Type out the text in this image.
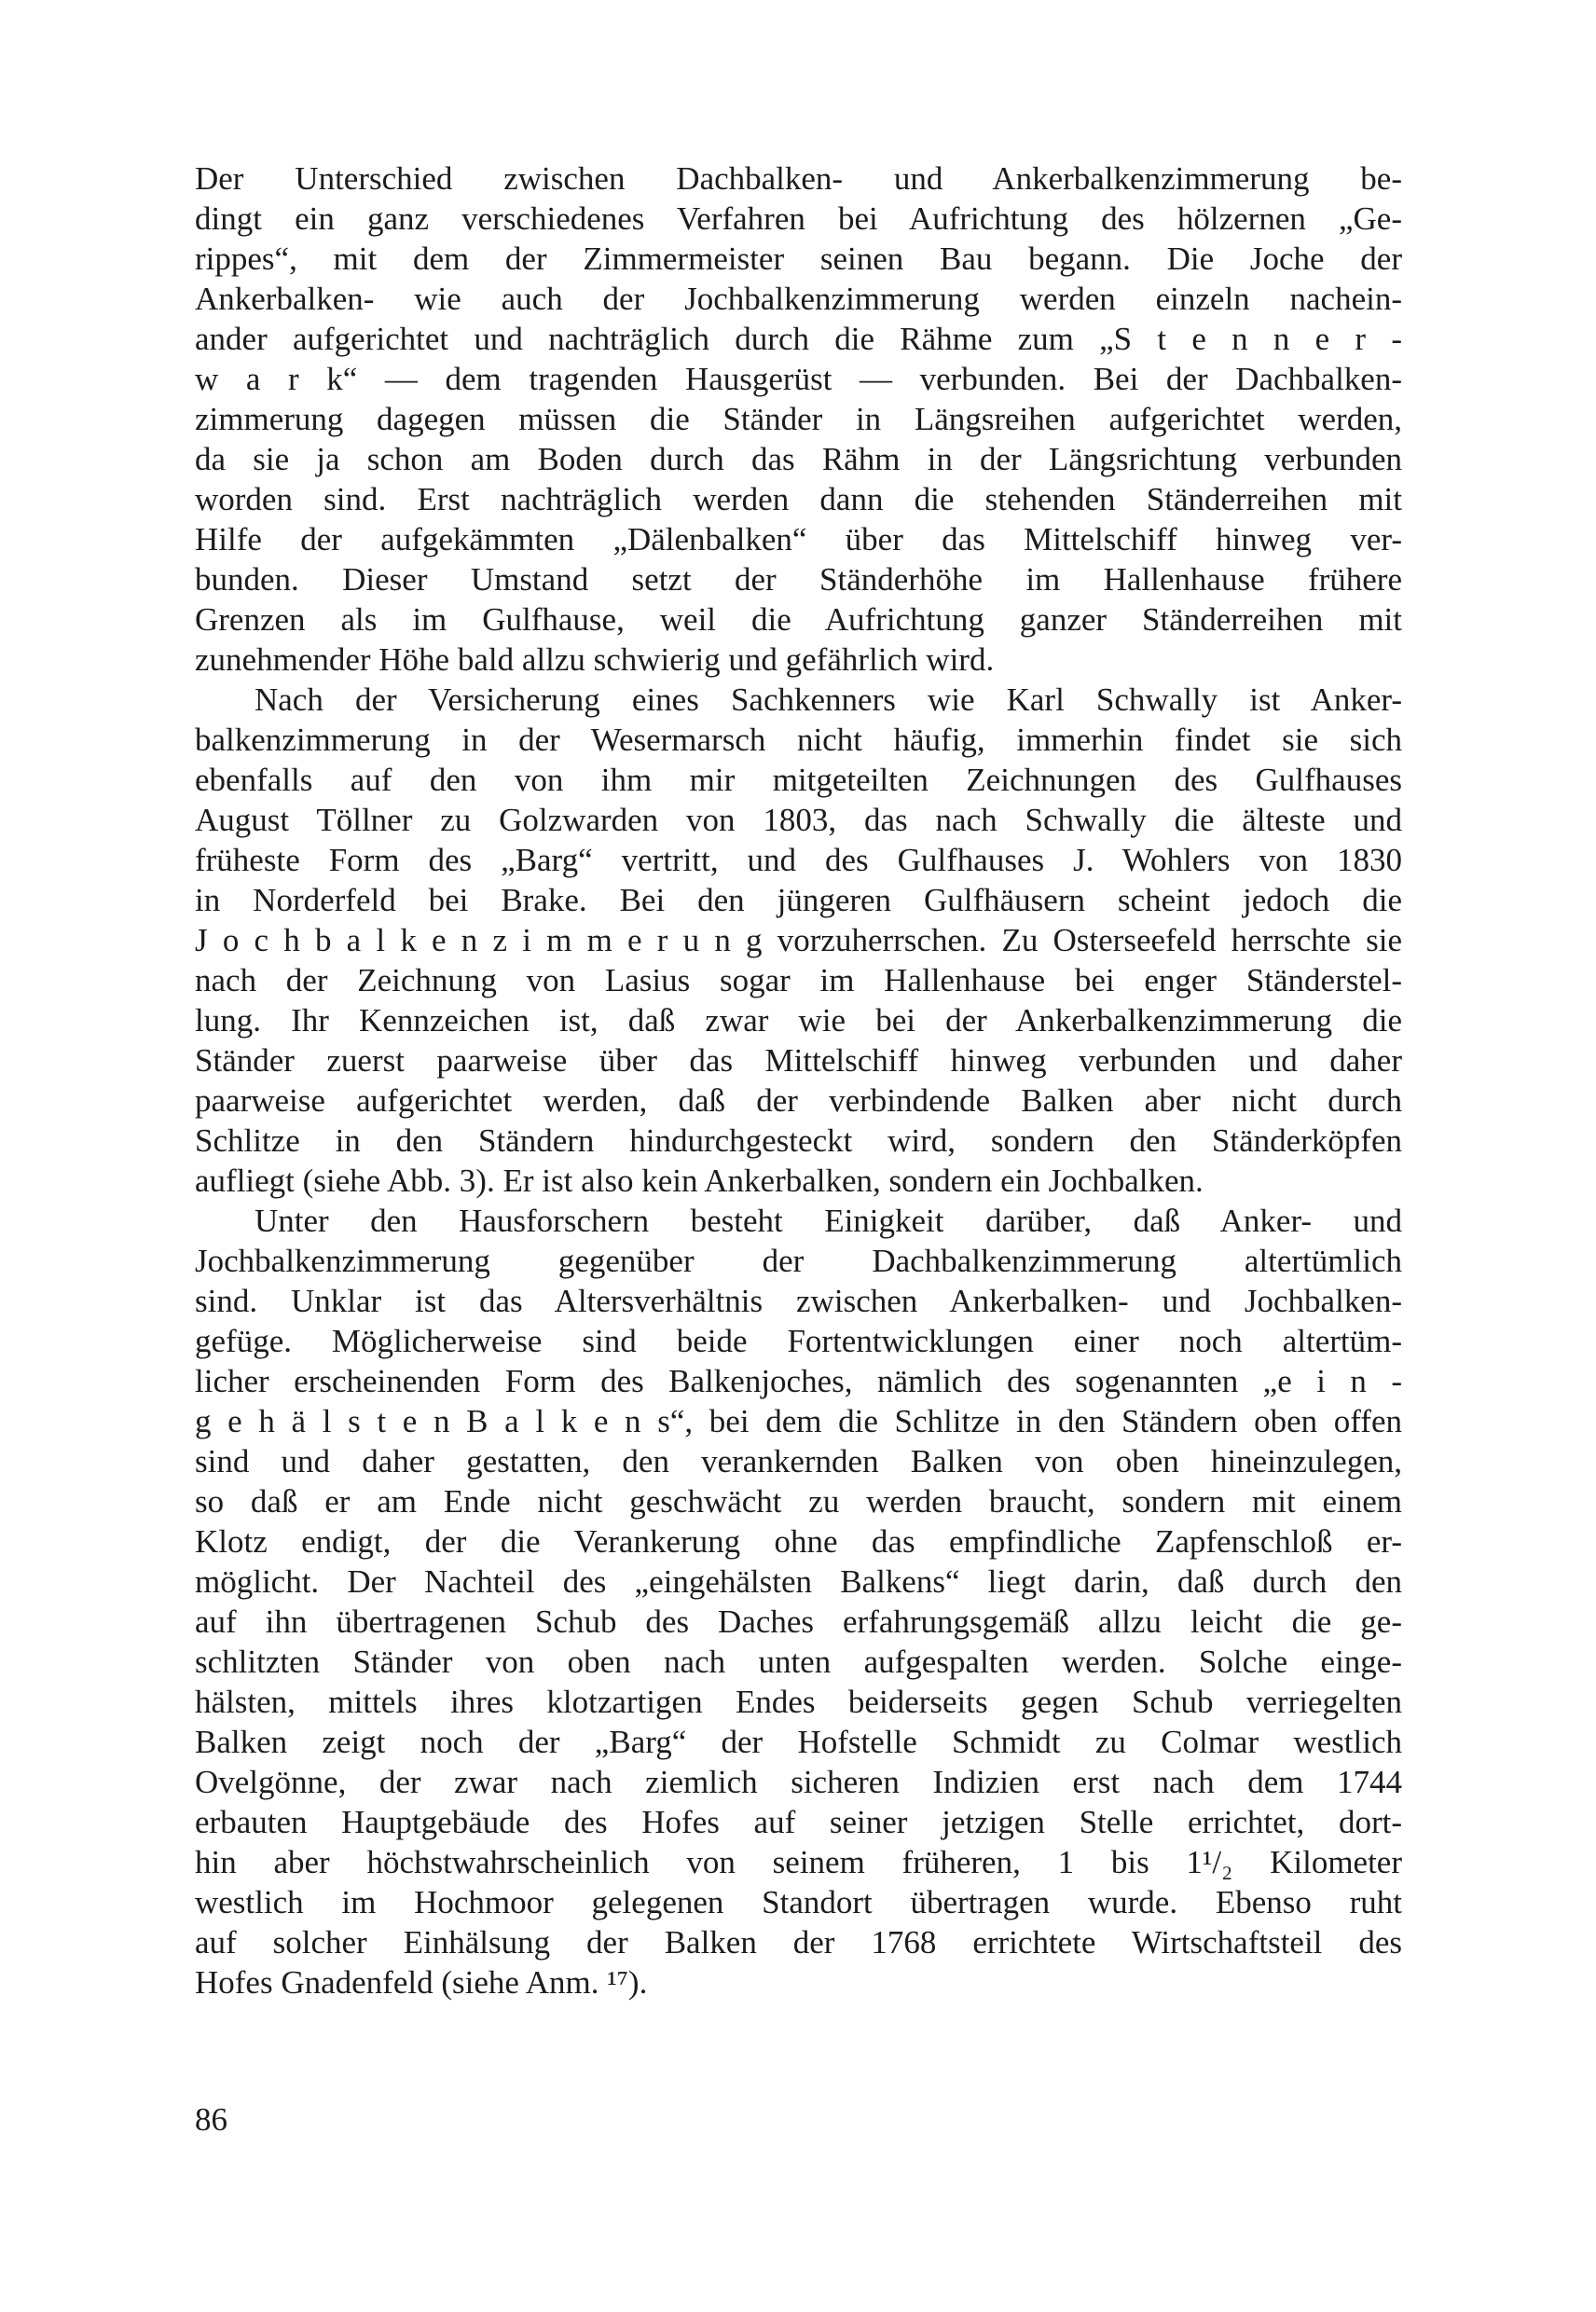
Der Unterschied zwischen Dachbalken- und Ankerbalkenzimmerung be-
dingt ein ganz verschiedenes Verfahren bei Aufrichtung des hölzernen „Ge-
rippes“, mit dem der Zimmermeister seinen Bau begann. Die Joche der
Ankerbalken- wie auch der Jochbalkenzimmerung werden einzeln nachein-
ander aufgerichtet und nachträglich durch die Rähme zum „S t e n n e r -
w a r k“ — dem tragenden Hausgerüst — verbunden. Bei der Dachbalken-
zimmerung dagegen müssen die Ständer in Längsreihen aufgerichtet werden,
da sie ja schon am Boden durch das Rähm in der Längsrichtung verbunden
worden sind. Erst nachträglich werden dann die stehenden Ständerreihen mit
Hilfe der aufgekämmten „Dälenbalken“ über das Mittelschiff hinweg ver-
bunden. Dieser Umstand setzt der Ständerhöhe im Hallenhause frühere
Grenzen als im Gulfhause, weil die Aufrichtung ganzer Ständerreihen mit
zunehmender Höhe bald allzu schwierig und gefährlich wird.
Nach der Versicherung eines Sachkenners wie Karl Schwally ist Anker-
balkenzimmerung in der Wesermarsch nicht häufig, immerhin findet sie sich
ebenfalls auf den von ihm mir mitgeteilten Zeichnungen des Gulfhauses
August Töllner zu Golzwarden von 1803, das nach Schwally die älteste und
früheste Form des „Barg“ vertritt, und des Gulfhauses J. Wohlers von 1830
in Norderfeld bei Brake. Bei den jüngeren Gulfhäusern scheint jedoch die
J o c h b a l k e n z i m m e r u n g vorzuherrschen. Zu Osterseefeld herrschte sie
nach der Zeichnung von Lasius sogar im Hallenhause bei enger Ständerstel-
lung. Ihr Kennzeichen ist, daß zwar wie bei der Ankerbalkenzimmerung die
Ständer zuerst paarweise über das Mittelschiff hinweg verbunden und daher
paarweise aufgerichtet werden, daß der verbindende Balken aber nicht durch
Schlitze in den Ständern hindurchgesteckt wird, sondern den Ständerköpfen
aufliegt (siehe Abb. 3). Er ist also kein Ankerbalken, sondern ein Jochbalken.
Unter den Hausforschern besteht Einigkeit darüber, daß Anker- und
Jochbalkenzimmerung gegenüber der Dachbalkenzimmerung altertümlich
sind. Unklar ist das Altersverhältnis zwischen Ankerbalken- und Jochbalken-
gefüge. Möglicherweise sind beide Fortentwicklungen einer noch altertüm-
licher erscheinenden Form des Balkenjoches, nämlich des sogenannten „e i n -
g e h ä l s t e n B a l k e n s“, bei dem die Schlitze in den Ständern oben offen
sind und daher gestatten, den verankernden Balken von oben hineinzulegen,
so daß er am Ende nicht geschwächt zu werden braucht, sondern mit einem
Klotz endigt, der die Verankerung ohne das empfindliche Zapfenschloß er-
möglicht. Der Nachteil des „eingehälsten Balkens“ liegt darin, daß durch den
auf ihn übertragenen Schub des Daches erfahrungsgemäß allzu leicht die ge-
schlitzten Ständer von oben nach unten aufgespalten werden. Solche einge-
hälsten, mittels ihres klotzartigen Endes beiderseits gegen Schub verriegelten
Balken zeigt noch der „Barg“ der Hofstelle Schmidt zu Colmar westlich
Ovelgönne, der zwar nach ziemlich sicheren Indizien erst nach dem 1744
erbauten Hauptgebäude des Hofes auf seiner jetzigen Stelle errichtet, dort-
hin aber höchstwahrscheinlich von seinem früheren, 1 bis 1¹/₂ Kilometer
westlich im Hochmoor gelegenen Standort übertragen wurde. Ebenso ruht
auf solcher Einhälsung der Balken der 1768 errichtete Wirtschaftsteil des
Hofes Gnadenfeld (siehe Anm. ¹⁷).
86
